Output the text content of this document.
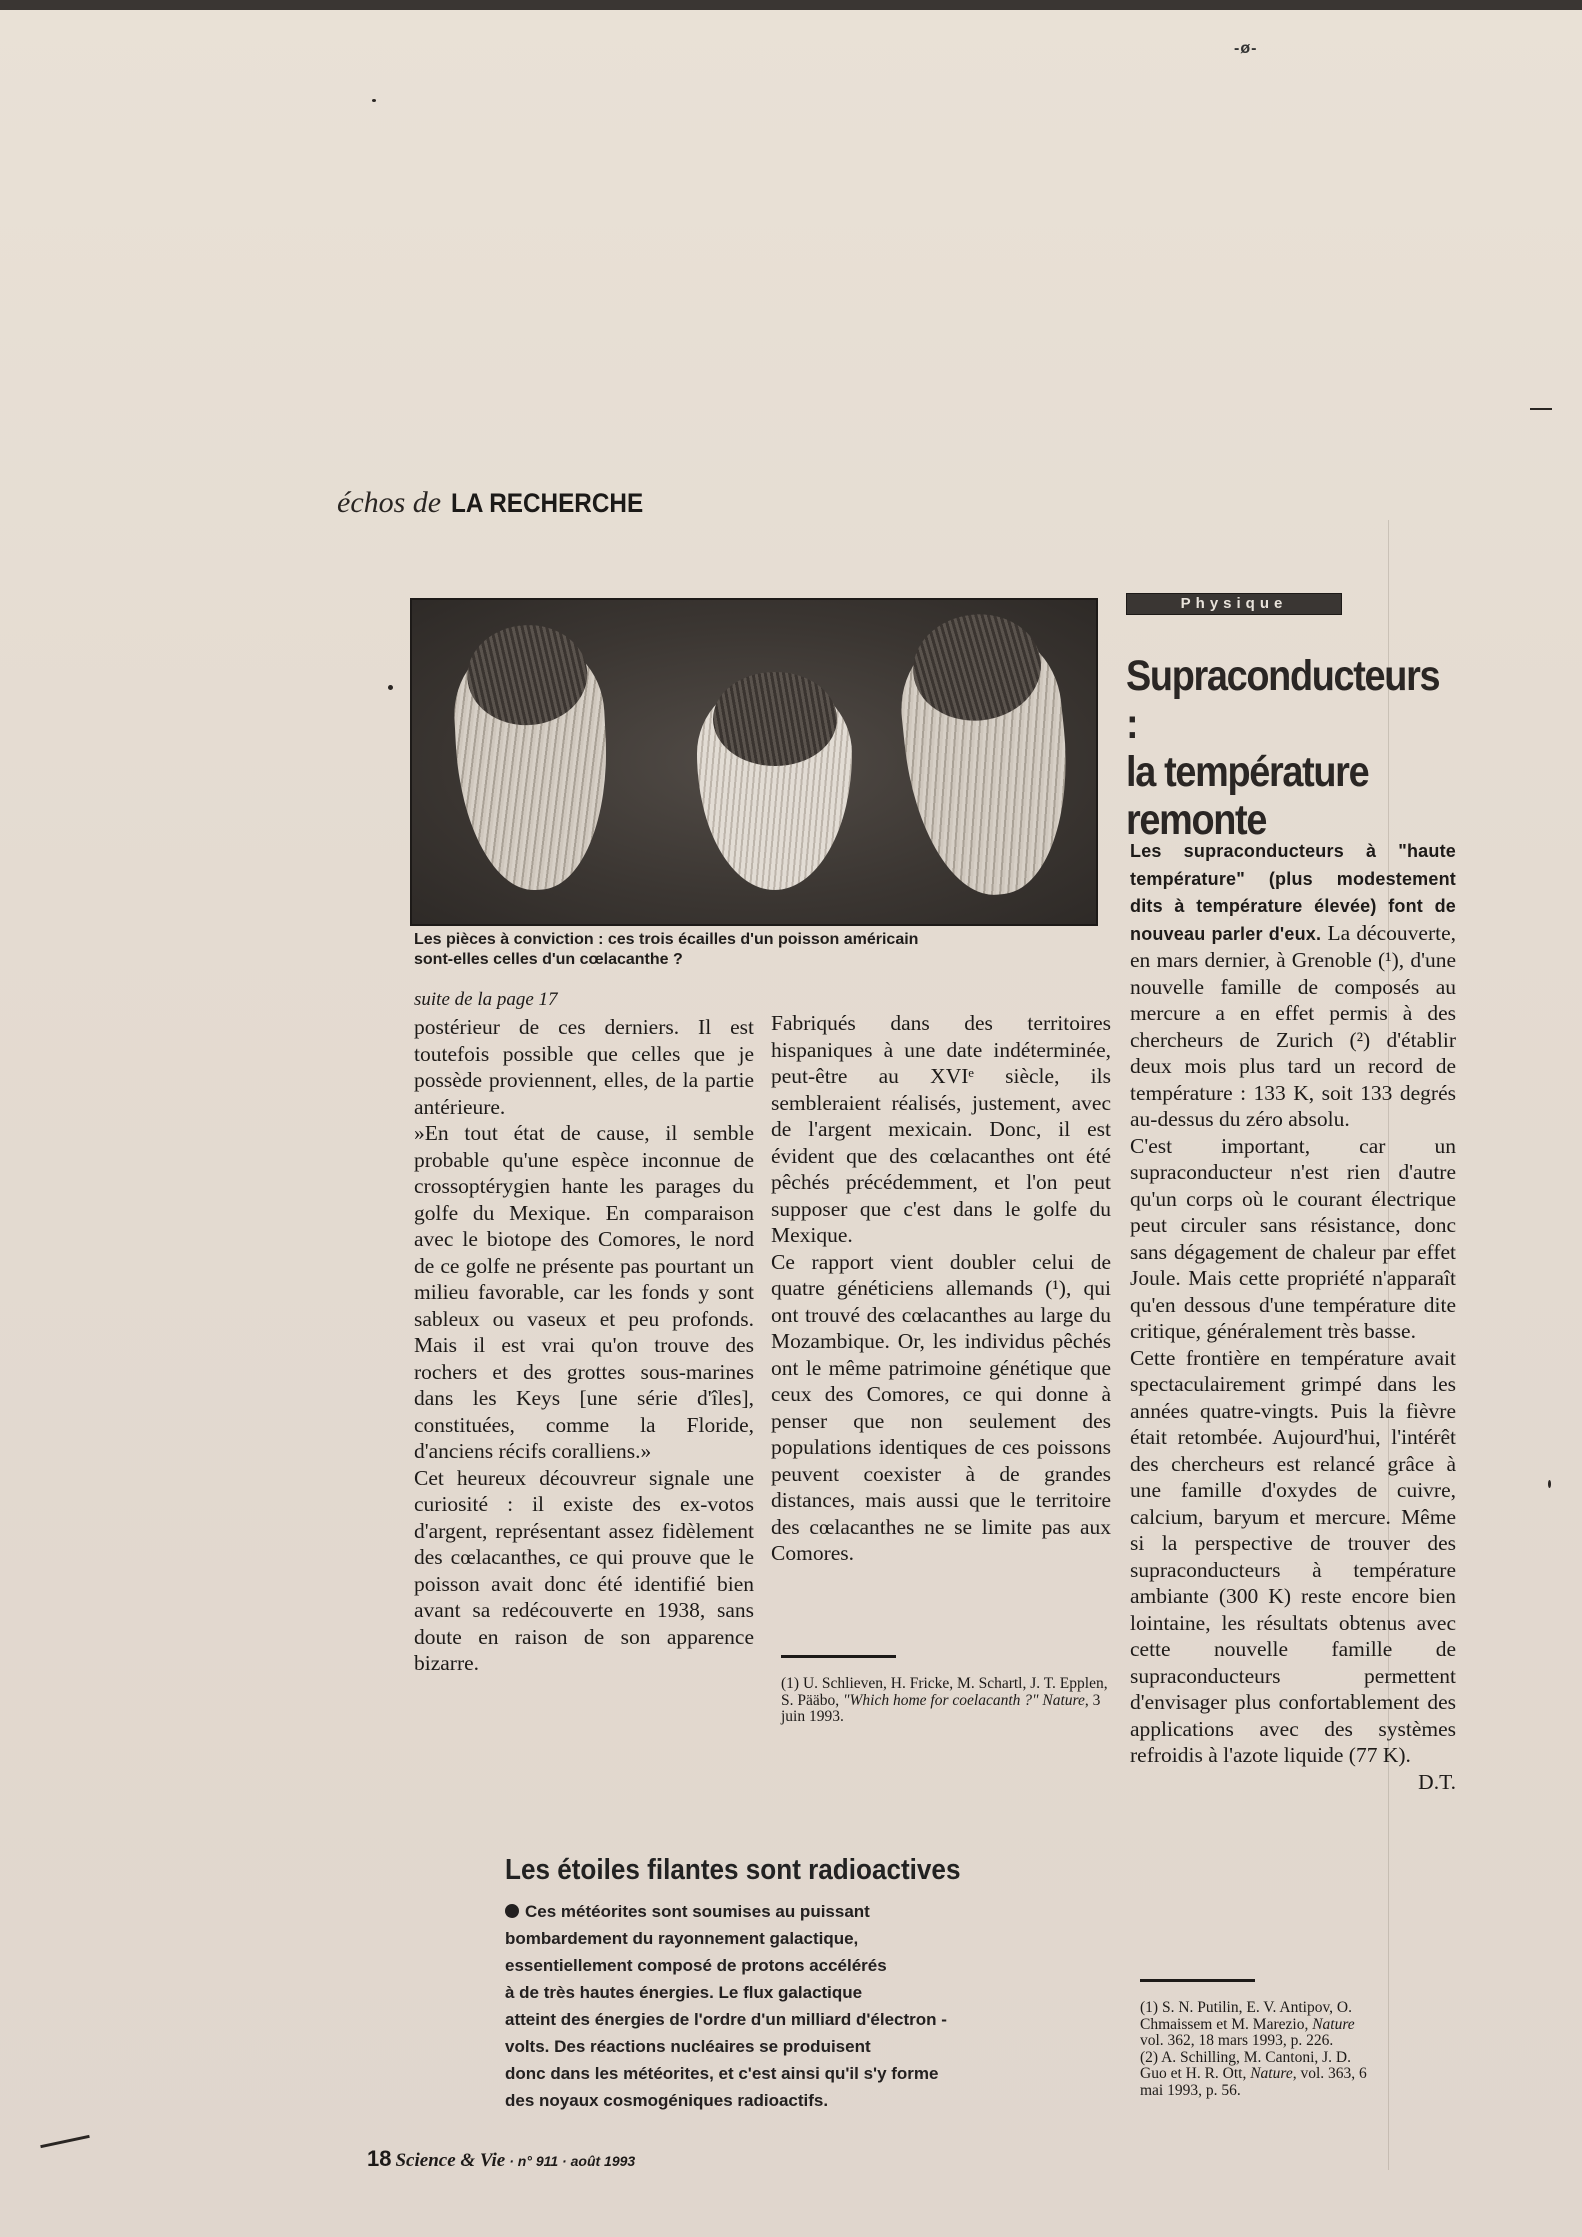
-ø-
échos de LA RECHERCHE
Les pièces à conviction : ces trois écailles d'un poisson américain
sont-elles celles d'un cœlacanthe ?

suite de la page 17

postérieur de ces derniers. Il est toutefois possible que celles que je possède proviennent, elles, de la partie antérieure.

»En tout état de cause, il semble probable qu'une espèce inconnue de crossoptérygien hante les parages du golfe du Mexique. En comparaison avec le biotope des Comores, le nord de ce golfe ne présente pas pourtant un milieu favorable, car les fonds y sont sableux ou vaseux et peu profonds. Mais il est vrai qu'on trouve des rochers et des grottes sous-marines dans les Keys [une série d'îles], constituées, comme la Floride, d'anciens récifs coralliens.»

Cet heureux découvreur signale une curiosité : il existe des ex-votos d'argent, représentant assez fidèlement des cœlacanthes, ce qui prouve que le poisson avait donc été identifié bien avant sa redécouverte en 1938, sans doute en raison de son apparence bizarre.

Fabriqués dans des territoires hispaniques à une date indéterminée, peut-être au XVIᵉ siècle, ils sembleraient réalisés, justement, avec de l'argent mexicain. Donc, il est évident que des cœlacanthes ont été pêchés précédemment, et l'on peut supposer que c'est dans le golfe du Mexique.

Ce rapport vient doubler celui de quatre généticiens allemands (¹), qui ont trouvé des cœlacanthes au large du Mozambique. Or, les individus pêchés ont le même patrimoine génétique que ceux des Comores, ce qui donne à penser que non seulement des populations identiques de ces poissons peuvent coexister à de grandes distances, mais aussi que le territoire des cœlacanthes ne se limite pas aux Comores.

(1) U. Schlieven, H. Fricke, M. Schartl, J. T. Epplen, S. Pääbo, "Which home for coelacanth ?" Nature, 3 juin 1993.
Physique
Supraconducteurs :
la température
remonte

Les supraconducteurs à "haute température" (plus modestement dits à température élevée) font de nouveau parler d'eux. La découverte, en mars dernier, à Grenoble (¹), d'une nouvelle famille de composés au mercure a en effet permis à des chercheurs de Zurich (²) d'établir deux mois plus tard un record de température : 133 K, soit 133 degrés au-dessus du zéro absolu.

C'est important, car un supraconducteur n'est rien d'autre qu'un corps où le courant électrique peut circuler sans résistance, donc sans dégagement de chaleur par effet Joule. Mais cette propriété n'apparaît qu'en dessous d'une température dite critique, généralement très basse.

Cette frontière en température avait spectaculairement grimpé dans les années quatre-vingts. Puis la fièvre était retombée. Aujourd'hui, l'intérêt des chercheurs est relancé grâce à une famille d'oxydes de cuivre, calcium, baryum et mercure. Même si la perspective de trouver des supraconducteurs à température ambiante (300 K) reste encore bien lointaine, les résultats obtenus avec cette nouvelle famille de supraconducteurs permettent d'envisager plus confortablement des applications avec des systèmes refroidis à l'azote liquide (77 K).

D.T.

(1) S. N. Putilin, E. V. Antipov, O. Chmaissem et M. Marezio, Nature vol. 362, 18 mars 1993, p. 226.
(2) A. Schilling, M. Cantoni, J. D. Guo et H. R. Ott, Nature, vol. 363, 6 mai 1993, p. 56.
Les étoiles filantes sont radioactives
Ces météorites sont soumises au puissant
bombardement du rayonnement galactique,
essentiellement composé de protons accélérés
à de très hautes énergies. Le flux galactique
atteint des énergies de l'ordre d'un milliard d'électron -
volts. Des réactions nucléaires se produisent
donc dans les météorites, et c'est ainsi qu'il s'y forme
des noyaux cosmogéniques radioactifs.
18 Science & Vie · n° 911 · août 1993
